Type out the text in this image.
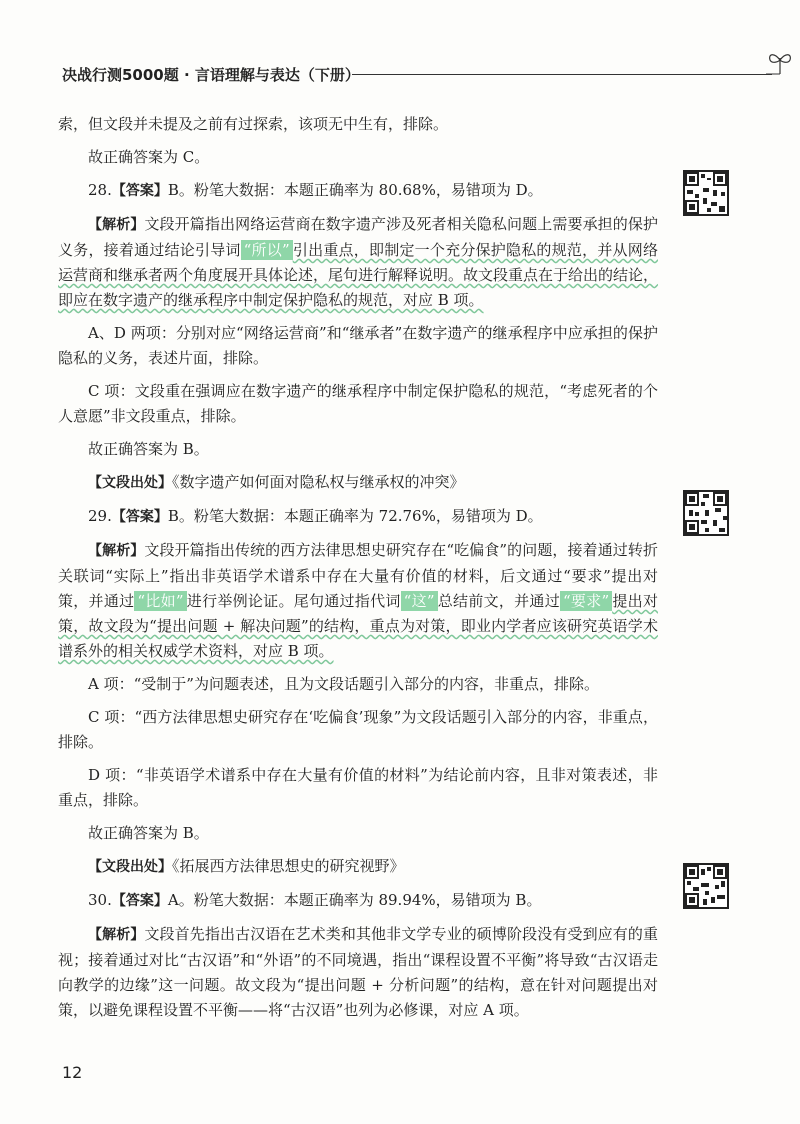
决战行测5000题 · 言语理解与表达（下册）

索，但文段并未提及之前有过探索，该项无中生有，排除。

故正确答案为 C。

28.【答案】B。粉笔大数据：本题正确率为 80.68%，易错项为 D。

【解析】文段开篇指出网络运营商在数字遗产涉及死者相关隐私问题上需要承担的保护义务，接着通过结论引导词 “所以” 引出重点，即制定一个充分保护隐私的规范，并从网络运营商和继承者两个角度展开具体论述，尾句进行解释说明。故文段重点在于给出的结论，即应在数字遗产的继承程序中制定保护隐私的规范，对应 B 项。

A、D 两项：分别对应“网络运营商”和“继承者”在数字遗产的继承程序中应承担的保护隐私的义务，表述片面，排除。

C 项：文段重在强调应在数字遗产的继承程序中制定保护隐私的规范，“考虑死者的个人意愿”非文段重点，排除。

故正确答案为 B。

【文段出处】《数字遗产如何面对隐私权与继承权的冲突》

29.【答案】B。粉笔大数据：本题正确率为 72.76%，易错项为 D。

【解析】文段开篇指出传统的西方法律思想史研究存在“吃偏食”的问题，接着通过转折关联词“实际上”指出非英语学术谱系中存在大量有价值的材料，后文通过“要求”提出对策，并通过 “比如” 进行举例论证。尾句通过指代词 “这” 总结前文，并通过 “要求” 提出对策，故文段为“提出问题 + 解决问题”的结构，重点为对策，即业内学者应该研究英语学术谱系外的相关权威学术资料，对应 B 项。

A 项：“受制于”为问题表述，且为文段话题引入部分的内容，非重点，排除。

C 项：“西方法律思想史研究存在‘吃偏食’现象”为文段话题引入部分的内容，非重点，排除。

D 项：“非英语学术谱系中存在大量有价值的材料”为结论前内容，且非对策表述，非重点，排除。

故正确答案为 B。

【文段出处】《拓展西方法律思想史的研究视野》

30.【答案】A。粉笔大数据：本题正确率为 89.94%，易错项为 B。

【解析】文段首先指出古汉语在艺术类和其他非文学专业的硕博阶段没有受到应有的重视；接着通过对比“古汉语”和“外语”的不同境遇，指出“课程设置不平衡”将导致“古汉语走向教学的边缘”这一问题。故文段为“提出问题 + 分析问题”的结构，意在针对问题提出对策，以避免课程设置不平衡——将“古汉语”也列为必修课，对应 A 项。

12
